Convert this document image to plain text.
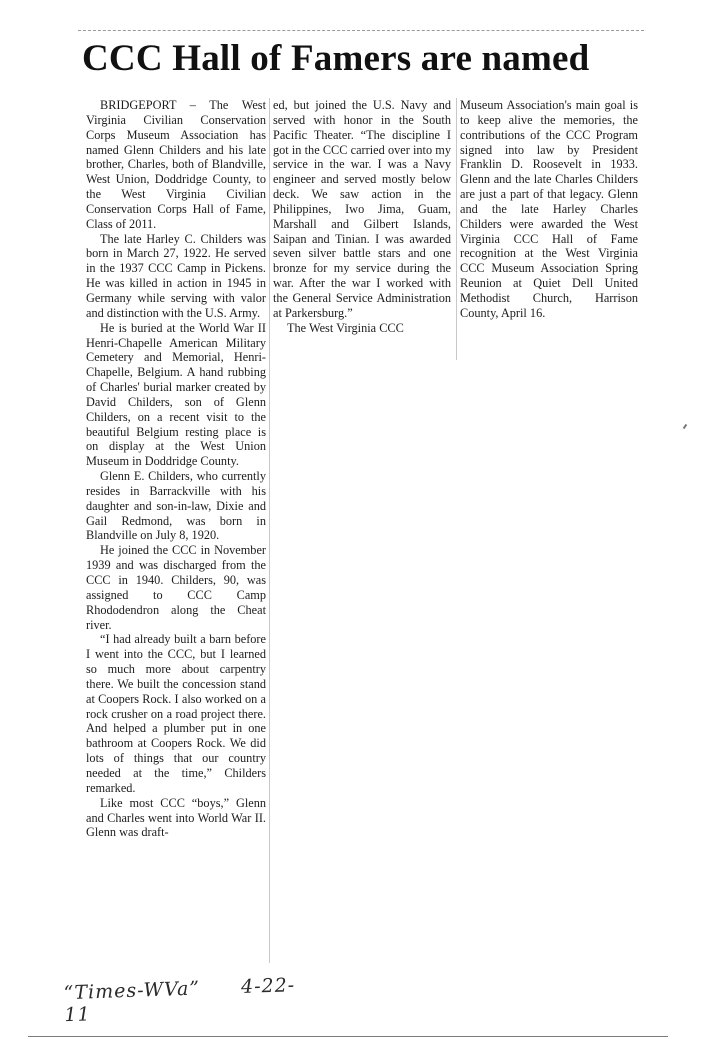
CCC Hall of Famers are named

BRIDGEPORT – The West Virginia Civilian Conservation Corps Museum Association has named Glenn Childers and his late brother, Charles, both of Blandville, West Union, Doddridge County, to the West Virginia Civilian Conservation Corps Hall of Fame, Class of 2011.

The late Harley C. Childers was born in March 27, 1922. He served in the 1937 CCC Camp in Pickens. He was killed in action in 1945 in Germany while serving with valor and distinction with the U.S. Army.

He is buried at the World War II Henri-Chapelle American Military Cemetery and Memorial, Henri-Chapelle, Belgium. A hand rubbing of Charles' burial marker created by David Childers, son of Glenn Childers, on a recent visit to the beautiful Belgium resting place is on display at the West Union Museum in Doddridge County.

Glenn E. Childers, who currently resides in Barrackville with his daughter and son-in-law, Dixie and Gail Redmond, was born in Blandville on July 8, 1920.

He joined the CCC in November 1939 and was discharged from the CCC in 1940. Childers, 90, was assigned to CCC Camp Rhododendron along the Cheat river.

“I had already built a barn before I went into the CCC, but I learned so much more about carpentry there. We built the concession stand at Coopers Rock. I also worked on a rock crusher on a road project there. And helped a plumber put in one bathroom at Coopers Rock. We did lots of things that our country needed at the time,” Childers remarked.

Like most CCC “boys,” Glenn and Charles went into World War II. Glenn was draft-

ed, but joined the U.S. Navy and served with honor in the South Pacific Theater. “The discipline I got in the CCC carried over into my service in the war. I was a Navy engineer and served mostly below deck. We saw action in the Philippines, Iwo Jima, Guam, Marshall and Gilbert Islands, Saipan and Tinian. I was awarded seven silver battle stars and one bronze for my service during the war. After the war I worked with the General Service Administration at Parkersburg.”

The West Virginia CCC

Museum Association's main goal is to keep alive the memories, the contributions of the CCC Program signed into law by President Franklin D. Roosevelt in 1933. Glenn and the late Charles Childers are just a part of that legacy. Glenn and the late Harley Charles Childers were awarded the West Virginia CCC Hall of Fame recognition at the West Virginia CCC Museum Association Spring Reunion at Quiet Dell United Methodist Church, Harrison County, April 16.

“Times-WVa” 4-22-11
